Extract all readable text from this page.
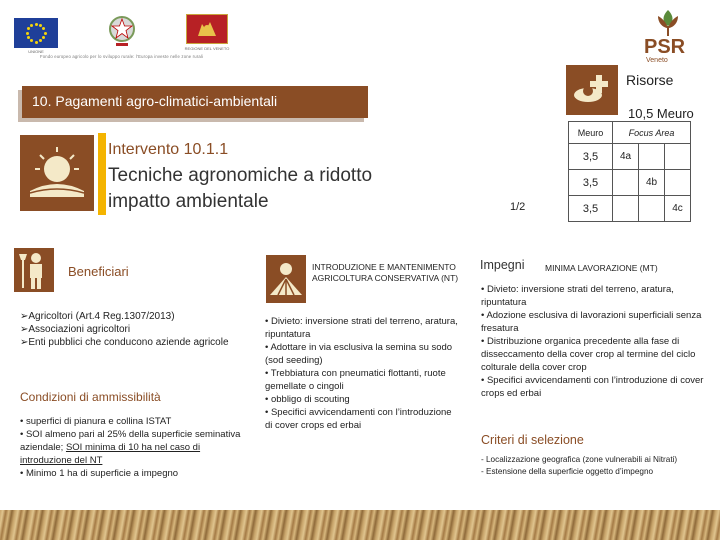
UNIONE
REGIONE DEL VENETO
Fondo europeo agricolo per lo sviluppo rurale: l'Europa investe nelle zone rurali	PSR
Veneto
10. Pagamenti agro-climatici-ambientali
Risorse
10,5 Meuro
Intervento 10.1.1
Tecniche agronomiche a ridotto
impatto ambientale
Meuro	Focus Area		
3,5	4a		
3,5		4b	
3,5			4c
1/2
Beneficiari
➢Agricoltori (Art.4 Reg.1307/2013)
➢Associazioni agricoltori
➢Enti pubblici che conducono aziende agricole
Condizioni di ammissibilità
• superfici di pianura e collina ISTAT
• SOI almeno pari al 25% della superficie seminativa aziendale; SOI minima di 10 ha nel caso di introduzione del NT
• Minimo 1 ha di superficie a impegno
INTRODUZIONE E MANTENIMENTO AGRICOLTURA CONSERVATIVA (NT)
• Divieto: inversione strati del terreno, aratura, ripuntatura
• Adottare in via esclusiva la semina su sodo (sod seeding)
• Trebbiatura con pneumatici flottanti, ruote gemellate o cingoli
• obbligo di scouting
• Specifici avvicendamenti con l’introduzione di cover crops ed erbai
Impegni MINIMA LAVORAZIONE (MT)
• Divieto: inversione strati del terreno, aratura, ripuntatura
• Adozione esclusiva di lavorazioni superficiali senza fresatura
• Distribuzione organica precedente alla fase di disseccamento della cover crop al termine del ciclo colturale della cover crop
• Specifici avvicendamenti con l’introduzione di cover crops ed erbai
Criteri di selezione
- Localizzazione geografica (zone vulnerabili ai Nitrati)
- Estensione della superficie oggetto d’impegno
